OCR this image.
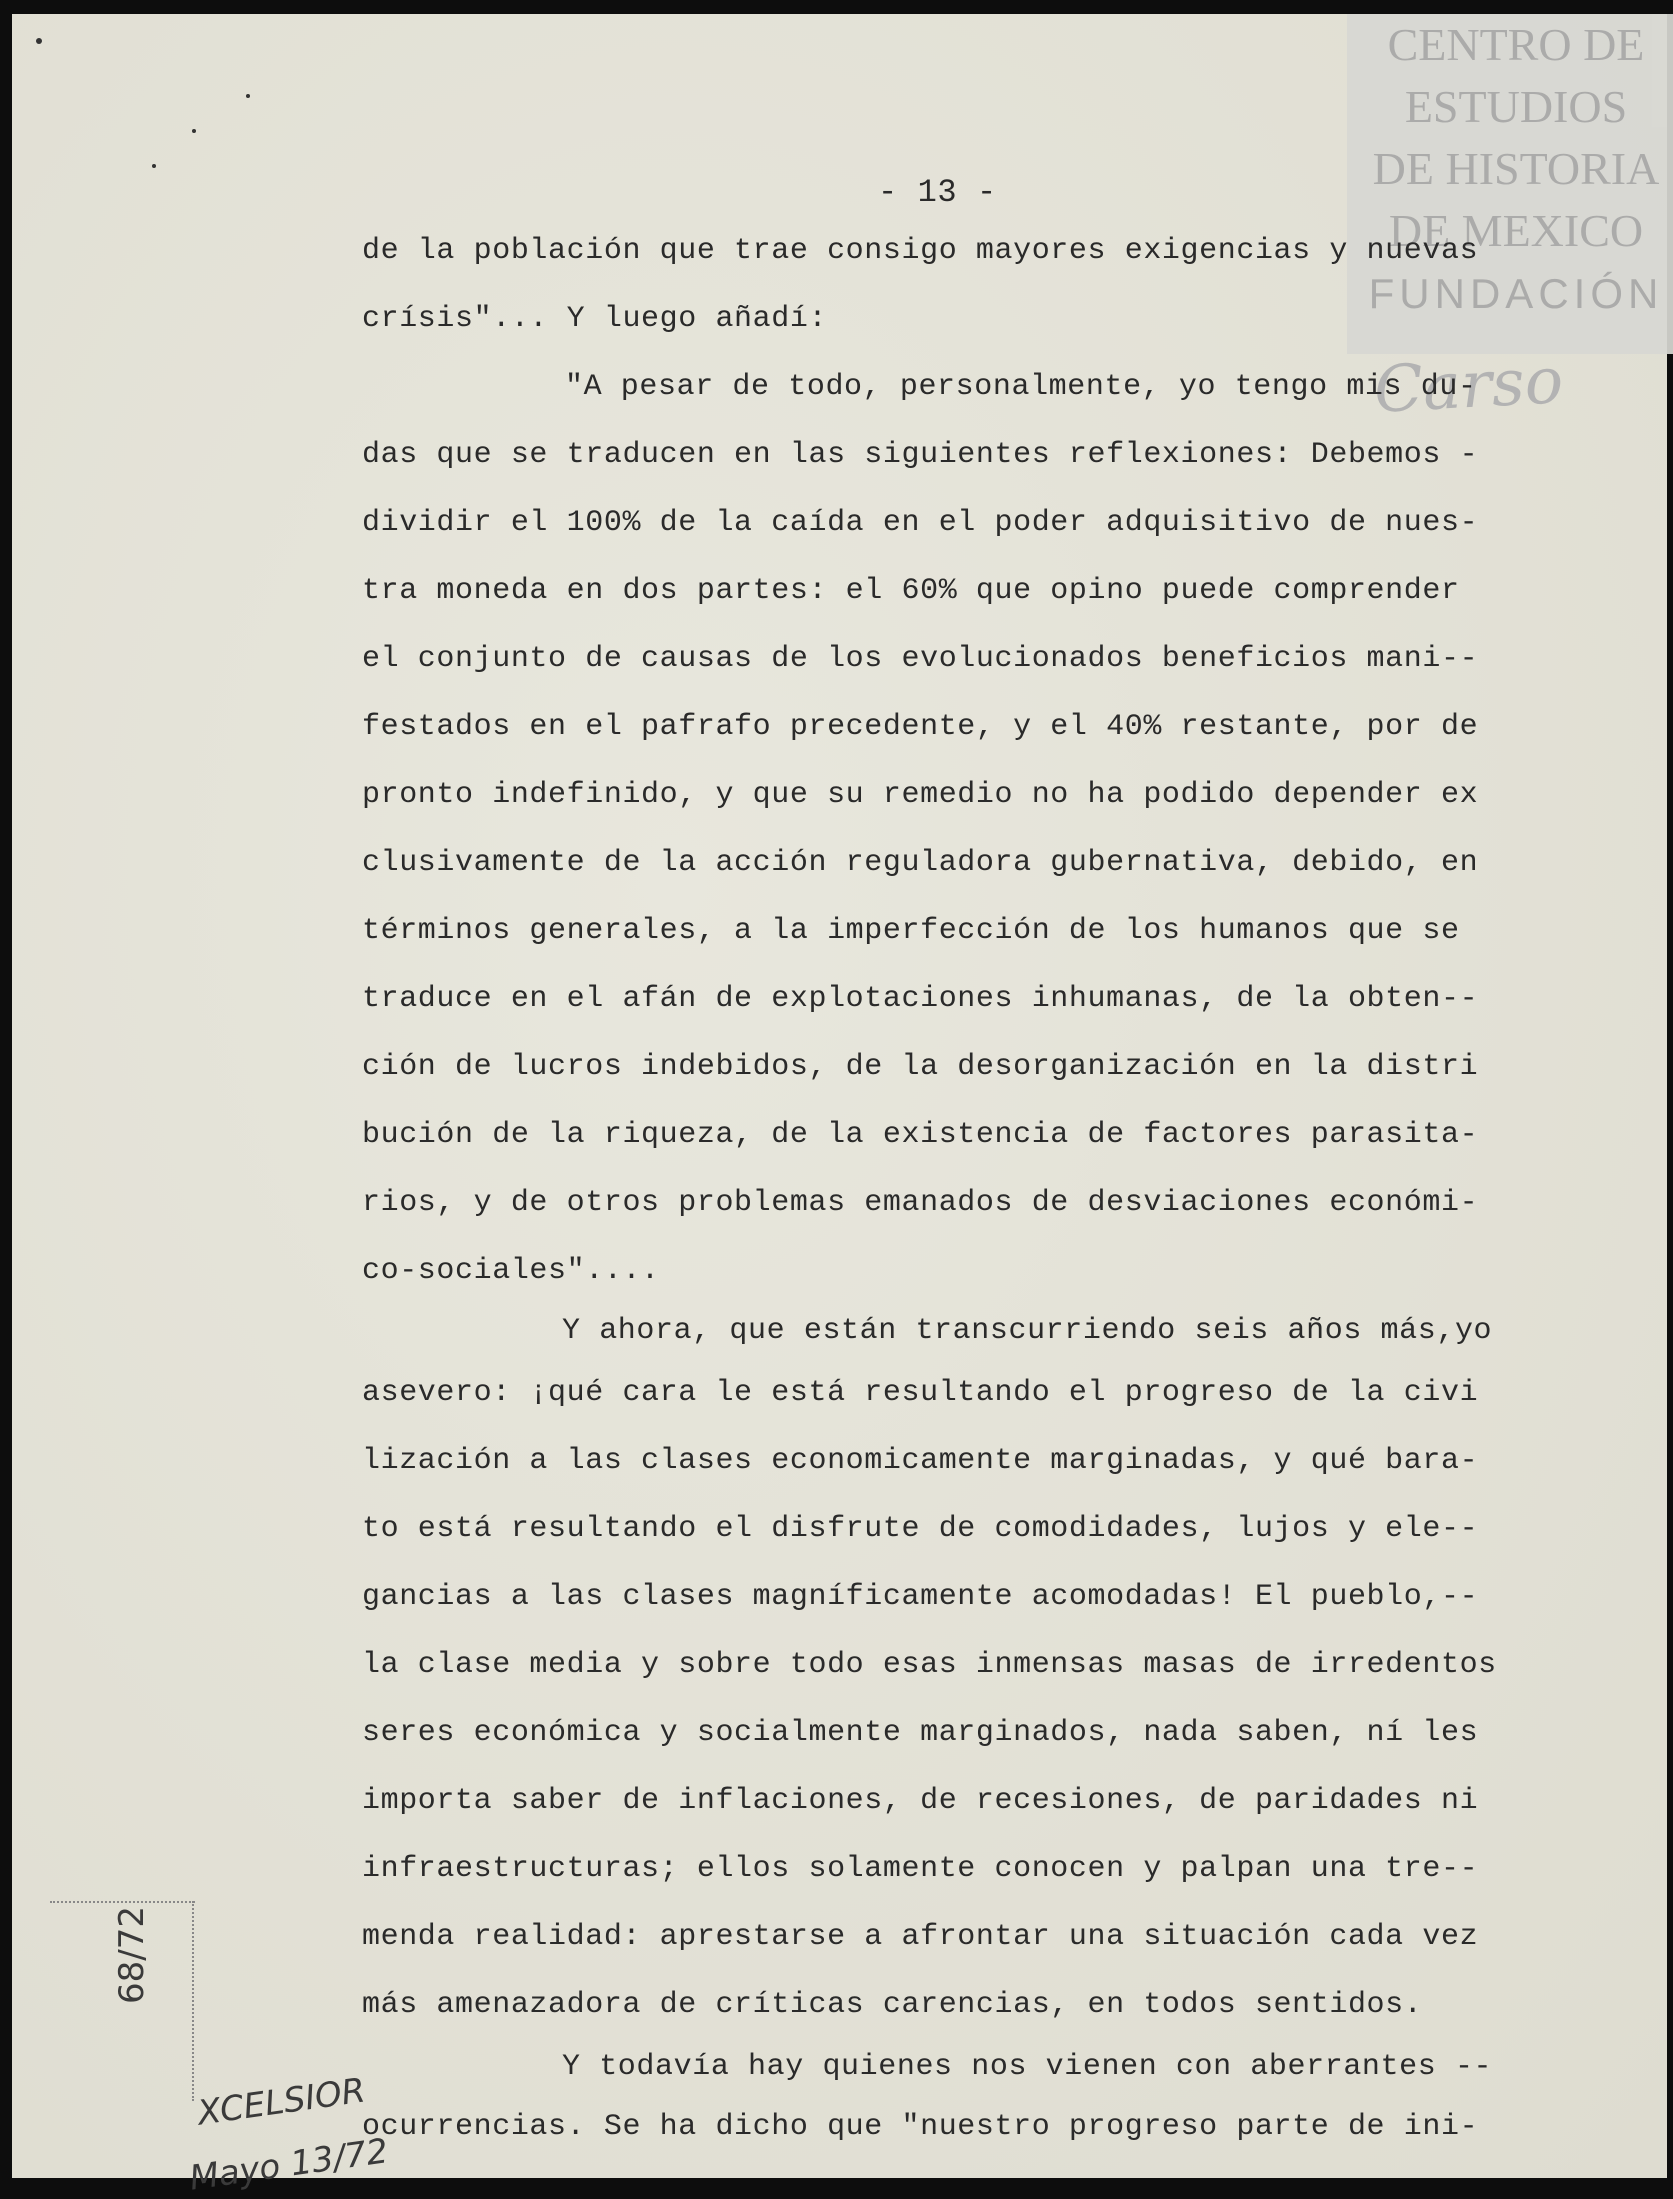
CENTRO DE
ESTUDIOS
DE HISTORIA
DE MEXICO
FUNDACIÓN
Carso
- 13 -
de la población que trae consigo mayores exigencias y nuevas
crísis"... Y luego añadí:
"A pesar de todo, personalmente, yo tengo mis du-
das que se traducen en las siguientes reflexiones: Debemos -
dividir el 100% de la caída en el poder adquisitivo de nues-
tra moneda en dos partes: el 60% que opino puede comprender
el conjunto de causas de los evolucionados beneficios mani--
festados en el pafrafo precedente, y el 40% restante, por de
pronto indefinido, y que su remedio no ha podido depender ex
clusivamente de la acción reguladora gubernativa, debido, en
términos generales, a la imperfección de los humanos que se
traduce en el afán de explotaciones inhumanas, de la obten--
ción de lucros indebidos, de la desorganización en la distri
bución de la riqueza, de la existencia de factores parasita-
rios, y de otros problemas emanados de desviaciones económi-
co-sociales"....
Y ahora, que están transcurriendo seis años más,yo
asevero: ¡qué cara le está resultando el progreso de la civi
lización a las clases economicamente marginadas, y qué bara-
to está resultando el disfrute de comodidades, lujos y ele--
gancias a las clases magníficamente acomodadas! El pueblo,--
la clase media y sobre todo esas inmensas masas de irredentos
seres económica y socialmente marginados, nada saben, ní les
importa saber de inflaciones, de recesiones, de paridades ni
infraestructuras; ellos solamente conocen y palpan una tre--
menda realidad: aprestarse a afrontar una situación cada vez
más amenazadora de críticas carencias, en todos sentidos.
Y todavía hay quienes nos vienen con aberrantes --
ocurrencias. Se ha dicho que "nuestro progreso parte de ini-
68/72
XCELSIOR
Mayo 13/72
